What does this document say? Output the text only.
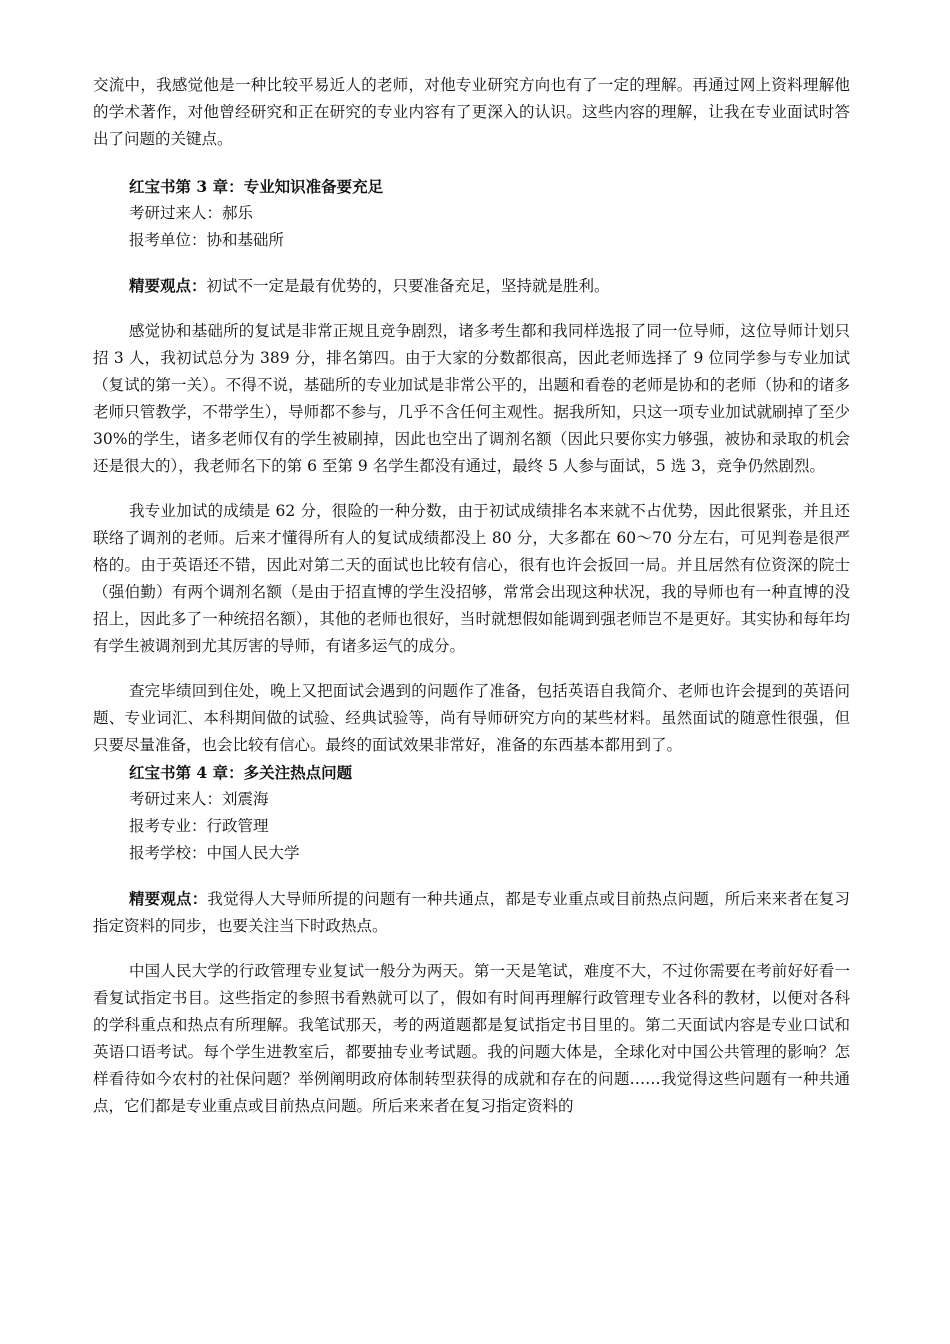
交流中，我感觉他是一种比较平易近人的老师，对他专业研究方向也有了一定的理解。再通过网上资料理解他的学术著作，对他曾经研究和正在研究的专业内容有了更深入的认识。这些内容的理解，让我在专业面试时答出了问题的关键点。

红宝书第 3 章：专业知识准备要充足

考研过来人：郝乐

报考单位：协和基础所

精要观点：初试不一定是最有优势的，只要准备充足，坚持就是胜利。

感觉协和基础所的复试是非常正规且竞争剧烈，诸多考生都和我同样选报了同一位导师，这位导师计划只招 3 人，我初试总分为 389 分，排名第四。由于大家的分数都很高，因此老师选择了 9 位同学参与专业加试（复试的第一关）。不得不说，基础所的专业加试是非常公平的，出题和看卷的老师是协和的老师（协和的诸多老师只管教学，不带学生），导师都不参与，几乎不含任何主观性。据我所知，只这一项专业加试就刷掉了至少 30%的学生，诸多老师仅有的学生被刷掉，因此也空出了调剂名额（因此只要你实力够强，被协和录取的机会还是很大的），我老师名下的第 6 至第 9 名学生都没有通过，最终 5 人参与面试，5 选 3，竞争仍然剧烈。

我专业加试的成绩是 62 分，很险的一种分数，由于初试成绩排名本来就不占优势，因此很紧张，并且还联络了调剂的老师。后来才懂得所有人的复试成绩都没上 80 分，大多都在 60～70 分左右，可见判卷是很严格的。由于英语还不错，因此对第二天的面试也比较有信心，很有也许会扳回一局。并且居然有位资深的院士（强伯勤）有两个调剂名额（是由于招直博的学生没招够，常常会出现这种状况，我的导师也有一种直博的没招上，因此多了一种统招名额），其他的老师也很好，当时就想假如能调到强老师岂不是更好。其实协和每年均有学生被调剂到尤其厉害的导师，有诸多运气的成分。

查完毕绩回到住处，晚上又把面试会遇到的问题作了准备，包括英语自我简介、老师也许会提到的英语问题、专业词汇、本科期间做的试验、经典试验等，尚有导师研究方向的某些材料。虽然面试的随意性很强，但只要尽量准备，也会比较有信心。最终的面试效果非常好，准备的东西基本都用到了。

红宝书第 4 章：多关注热点问题

考研过来人：刘震海

报考专业：行政管理

报考学校：中国人民大学

精要观点：我觉得人大导师所提的问题有一种共通点，都是专业重点或目前热点问题，所后来来者在复习指定资料的同步，也要关注当下时政热点。

中国人民大学的行政管理专业复试一般分为两天。第一天是笔试，难度不大，不过你需要在考前好好看一看复试指定书目。这些指定的参照书看熟就可以了，假如有时间再理解行政管理专业各科的教材，以便对各科的学科重点和热点有所理解。我笔试那天，考的两道题都是复试指定书目里的。第二天面试内容是专业口试和英语口语考试。每个学生进教室后，都要抽专业考试题。我的问题大体是，全球化对中国公共管理的影响？怎样看待如今农村的社保问题？举例阐明政府体制转型获得的成就和存在的问题……我觉得这些问题有一种共通点，它们都是专业重点或目前热点问题。所后来来者在复习指定资料的
